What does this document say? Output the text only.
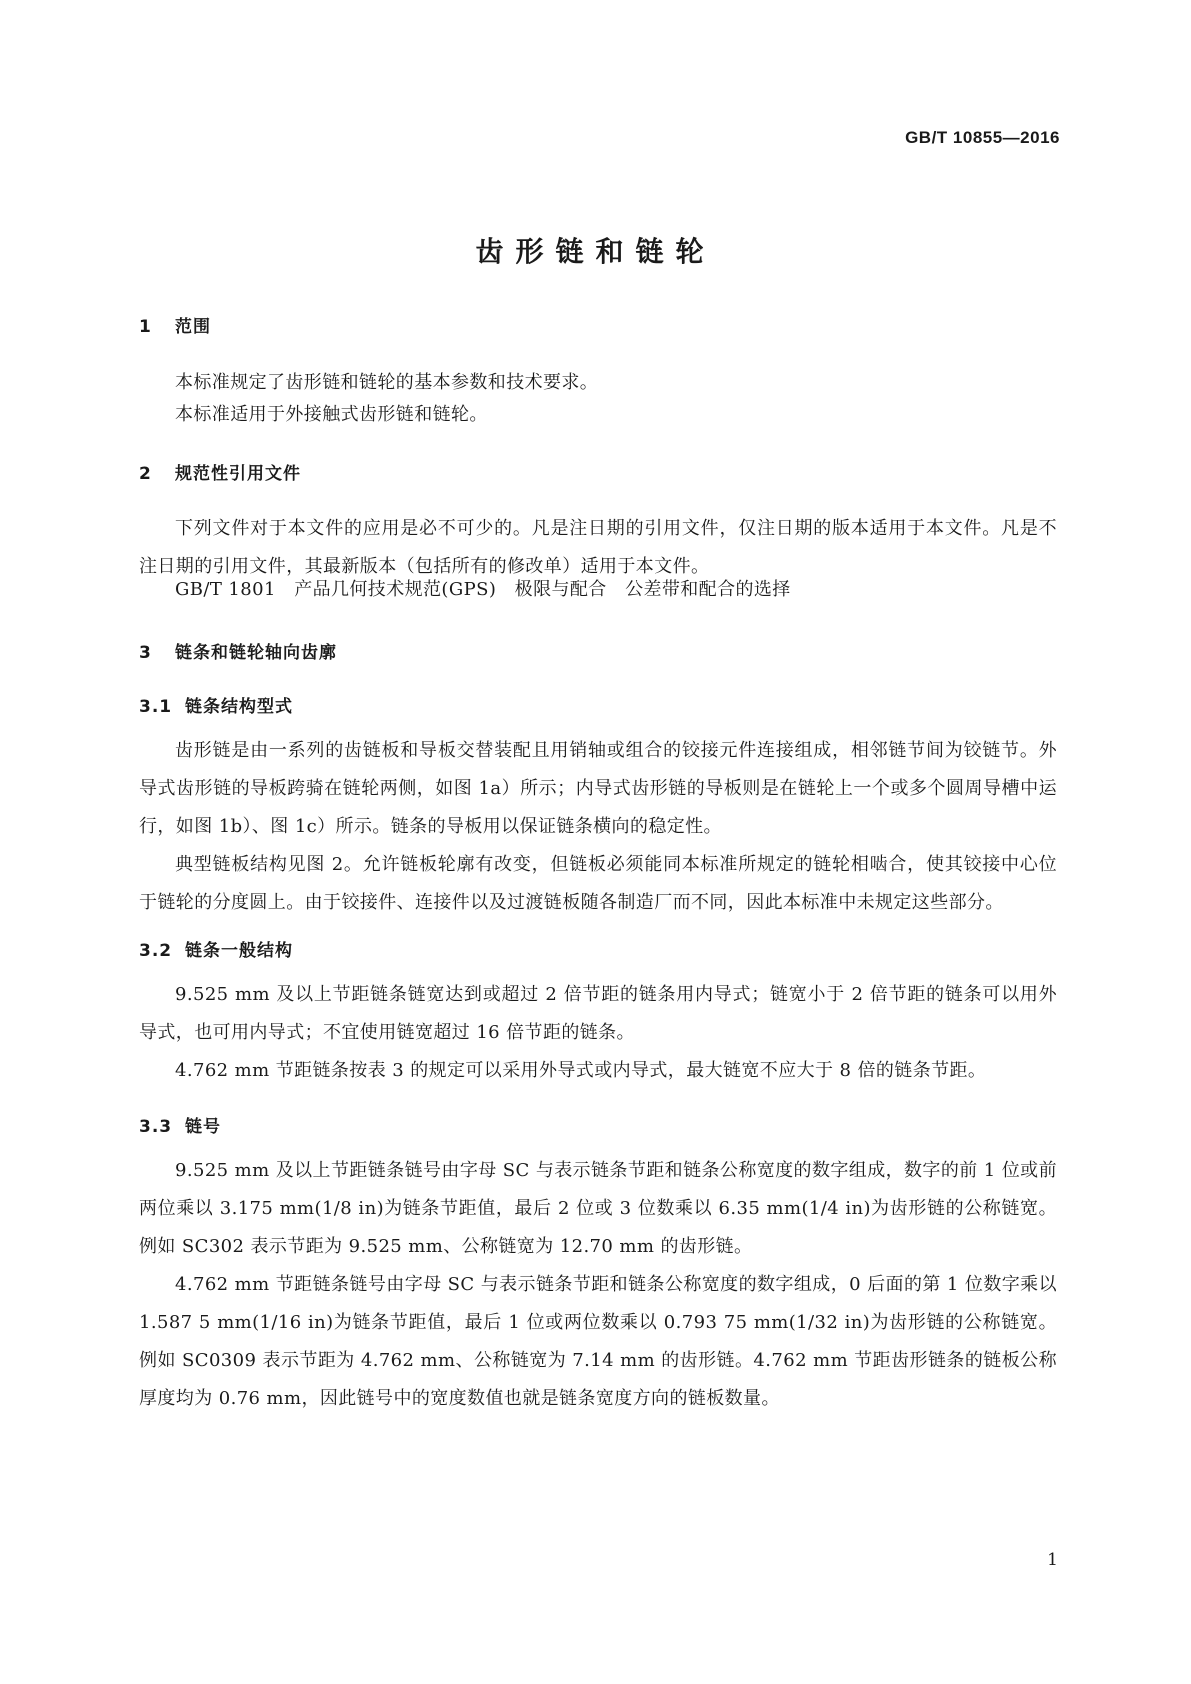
GB/T 10855—2016
齿形链和链轮
1 范围
本标准规定了齿形链和链轮的基本参数和技术要求。
本标准适用于外接触式齿形链和链轮。
2 规范性引用文件
下列文件对于本文件的应用是必不可少的。凡是注日期的引用文件，仅注日期的版本适用于本文件。凡是不注日期的引用文件，其最新版本（包括所有的修改单）适用于本文件。
GB/T 1801　产品几何技术规范(GPS)　极限与配合　公差带和配合的选择
3 链条和链轮轴向齿廓
3.1 链条结构型式
齿形链是由一系列的齿链板和导板交替装配且用销轴或组合的铰接元件连接组成，相邻链节间为铰链节。外导式齿形链的导板跨骑在链轮两侧，如图 1a）所示；内导式齿形链的导板则是在链轮上一个或多个圆周导槽中运行，如图 1b）、图 1c）所示。链条的导板用以保证链条横向的稳定性。
典型链板结构见图 2。允许链板轮廓有改变，但链板必须能同本标准所规定的链轮相啮合，使其铰接中心位于链轮的分度圆上。由于铰接件、连接件以及过渡链板随各制造厂而不同，因此本标准中未规定这些部分。
3.2 链条一般结构
9.525 mm 及以上节距链条链宽达到或超过 2 倍节距的链条用内导式；链宽小于 2 倍节距的链条可以用外导式，也可用内导式；不宜使用链宽超过 16 倍节距的链条。
4.762 mm 节距链条按表 3 的规定可以采用外导式或内导式，最大链宽不应大于 8 倍的链条节距。
3.3 链号
9.525 mm 及以上节距链条链号由字母 SC 与表示链条节距和链条公称宽度的数字组成，数字的前 1 位或前两位乘以 3.175 mm(1/8 in)为链条节距值，最后 2 位或 3 位数乘以 6.35 mm(1/4 in)为齿形链的公称链宽。例如 SC302 表示节距为 9.525 mm、公称链宽为 12.70 mm 的齿形链。
4.762 mm 节距链条链号由字母 SC 与表示链条节距和链条公称宽度的数字组成，0 后面的第 1 位数字乘以 1.587 5 mm(1/16 in)为链条节距值，最后 1 位或两位数乘以 0.793 75 mm(1/32 in)为齿形链的公称链宽。例如 SC0309 表示节距为 4.762 mm、公称链宽为 7.14 mm 的齿形链。4.762 mm 节距齿形链条的链板公称厚度均为 0.76 mm，因此链号中的宽度数值也就是链条宽度方向的链板数量。
1
